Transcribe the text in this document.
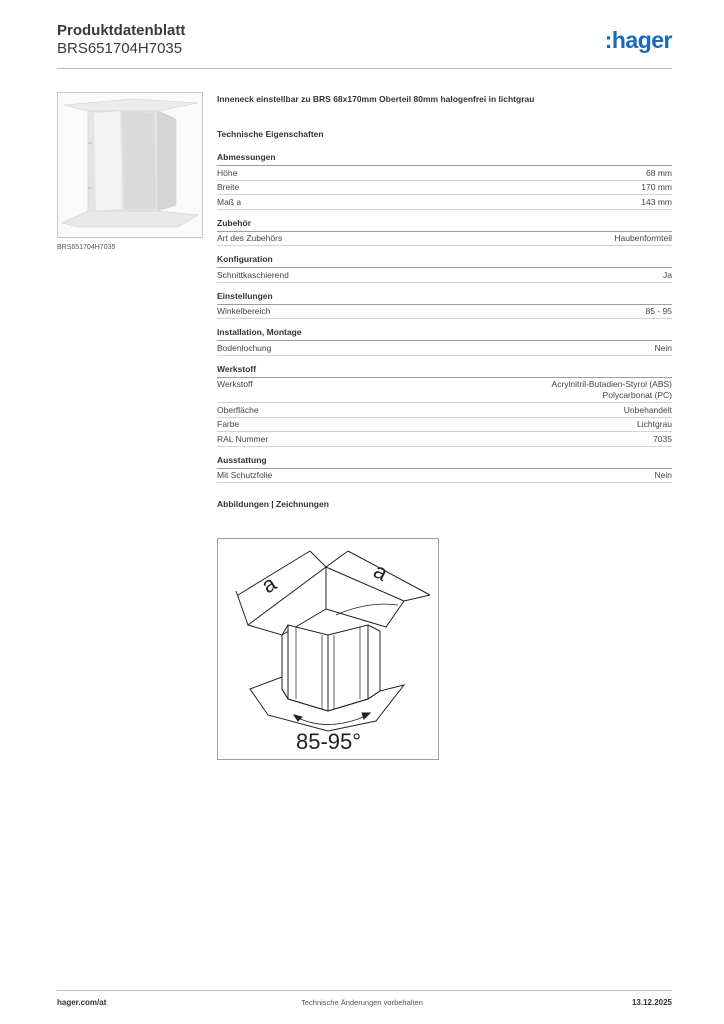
Produktdatenblatt
BRS651704H7035	:hager
BRS651704H7035
Inneneck einstellbar zu BRS 68x170mm Oberteil 80mm halogenfrei in lichtgrau
Technische Eigenschaften
Abmessungen
Höhe	68 mm
Breite	170 mm
Maß a	143 mm
Zubehör
Art des Zubehörs	Haubenformteil
Konfiguration
Schnittkaschierend	Ja
Einstellungen
Winkelbereich	85 - 95
Installation, Montage
Bodenlochung	Nein
Werkstoff
Werkstoff	Acrylnitril-Butadien-Styrol (ABS)
Polycarbonat (PC)
Oberfläche	Unbehandelt
Farbe	Lichtgrau
RAL Nummer	7035
Ausstattung
Mit Schutzfolie	Nein
Abbildungen | Zeichnungen
a	a
85-95°
hager.com/at	Technische Änderungen vorbehalten	13.12.2025
